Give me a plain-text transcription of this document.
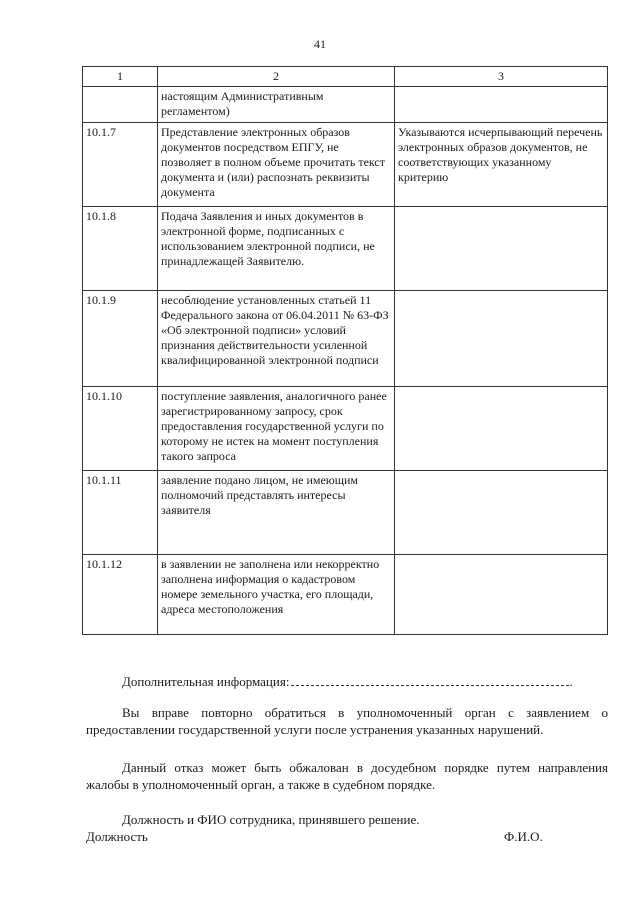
41
1	2	3
	настоящим Административным регламентом)	
10.1.7	Представление электронных образов документов посредством ЕПГУ, не позволяет в полном объеме прочитать текст документа и (или) распознать реквизиты документа	Указываются исчерпывающий перечень электронных образов документов, не соответствующих указанному критерию
10.1.8	Подача Заявления и иных документов в электронной форме, подписанных с использованием электронной подписи, не принадлежащей Заявителю.	
10.1.9	несоблюдение установленных статьей 11 Федерального закона от 06.04.2011 № 63-ФЗ «Об электронной подписи» условий признания действительности усиленной квалифицированной электронной подписи	
10.1.10	поступление заявления, аналогичного ранее зарегистрированному запросу, срок предоставления государственной услуги по которому не истек на момент поступления такого запроса	
10.1.11	заявление подано лицом, не имеющим полномочий представлять интересы заявителя	
10.1.12	в заявлении не заполнена или некорректно заполнена информация о кадастровом номере земельного участка, его площади, адреса местоположения	
Дополнительная информация:	.
Вы вправе повторно обратиться в уполномоченный орган с заявлением о предоставлении государственной услуги после устранения указанных нарушений.
Данный отказ может быть обжалован в досудебном порядке путем направления жалобы в уполномоченный орган, а также в судебном порядке.
Должность и ФИО сотрудника, принявшего решение.
Должность	Ф.И.О.
